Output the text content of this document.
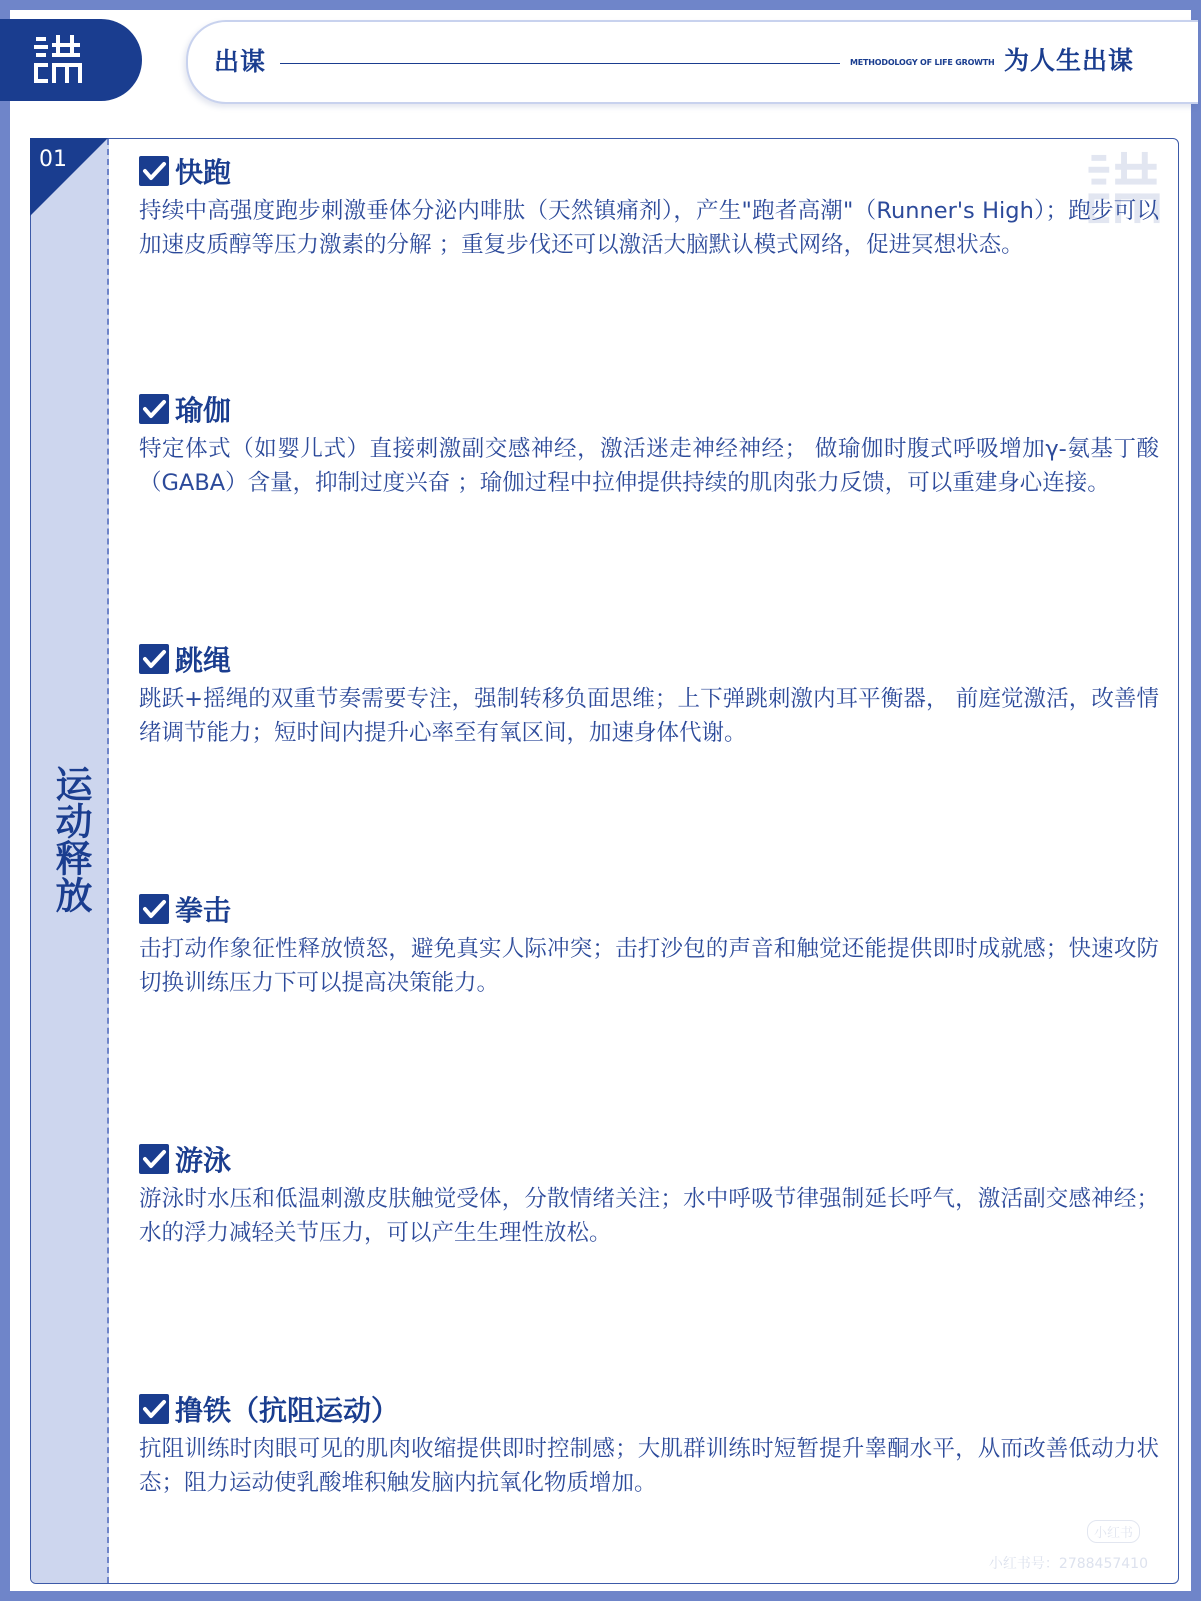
出谋	METHODOLOGY OF LIFE GROWTH 为人生出谋
01
运动释放
快跑
持续中高强度跑步刺激垂体分泌内啡肽（天然镇痛剂），产生"跑者高潮"（Runner's High）；跑步可以加速皮质醇等压力激素的分解 ；重复步伐还可以激活大脑默认模式网络，促进冥想状态。
瑜伽
特定体式（如婴儿式）直接刺激副交感神经，激活迷走神经神经； 做瑜伽时腹式呼吸增加γ-氨基丁酸（GABA）含量，抑制过度兴奋 ；瑜伽过程中拉伸提供持续的肌肉张力反馈，可以重建身心连接。
跳绳
跳跃+摇绳的双重节奏需要专注，强制转移负面思维；上下弹跳刺激内耳平衡器， 前庭觉激活，改善情绪调节能力；短时间内提升心率至有氧区间，加速身体代谢。
拳击
击打动作象征性释放愤怒，避免真实人际冲突；击打沙包的声音和触觉还能提供即时成就感；快速攻防切换训练压力下可以提高决策能力。
游泳
游泳时水压和低温刺激皮肤触觉受体，分散情绪关注；水中呼吸节律强制延长呼气，激活副交感神经；水的浮力减轻关节压力，可以产生生理性放松。
撸铁（抗阻运动）
抗阻训练时肉眼可见的肌肉收缩提供即时控制感；大肌群训练时短暂提升睾酮水平，从而改善低动力状态；阻力运动使乳酸堆积触发脑内抗氧化物质增加。
小红书
小红书号：2788457410
